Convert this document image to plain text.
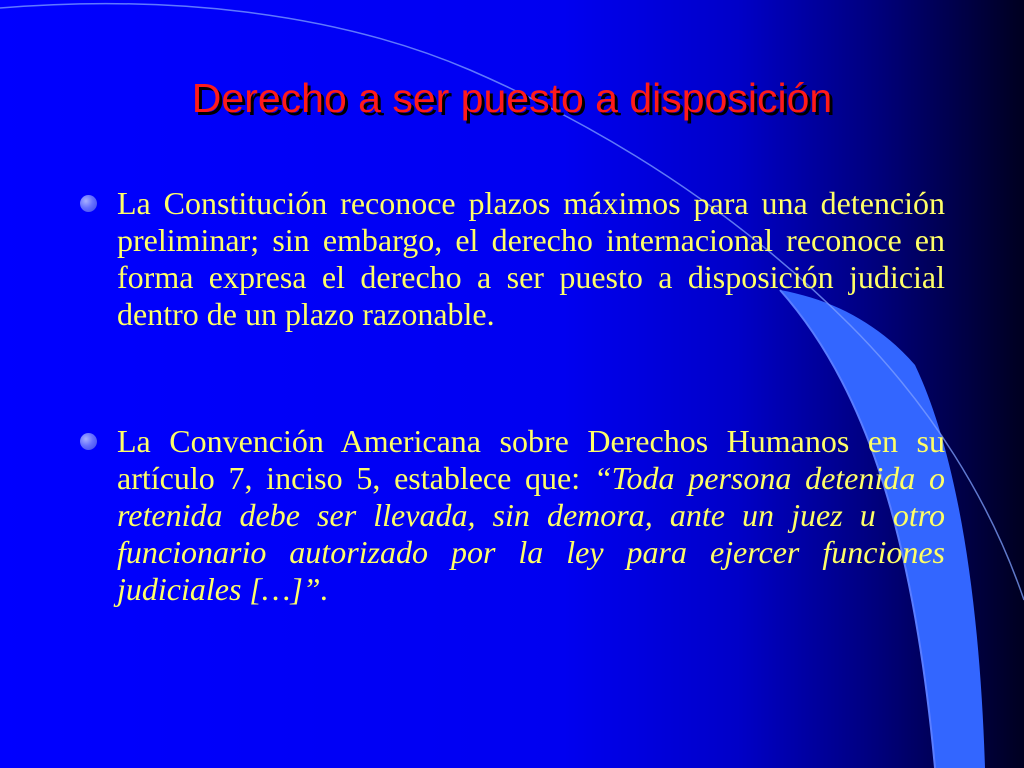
Derecho a ser puesto a disposición

La Constitución reconoce plazos máximos para una detención preliminar; sin embargo, el derecho internacional reconoce en forma expresa el derecho a ser puesto a disposición judicial dentro de un plazo razonable.

La Convención Americana sobre Derechos Humanos en su artículo 7, inciso 5, establece que: “Toda persona detenida o retenida debe ser llevada, sin demora, ante un juez u otro funcionario autorizado por la ley para ejercer funciones judiciales […]”.
